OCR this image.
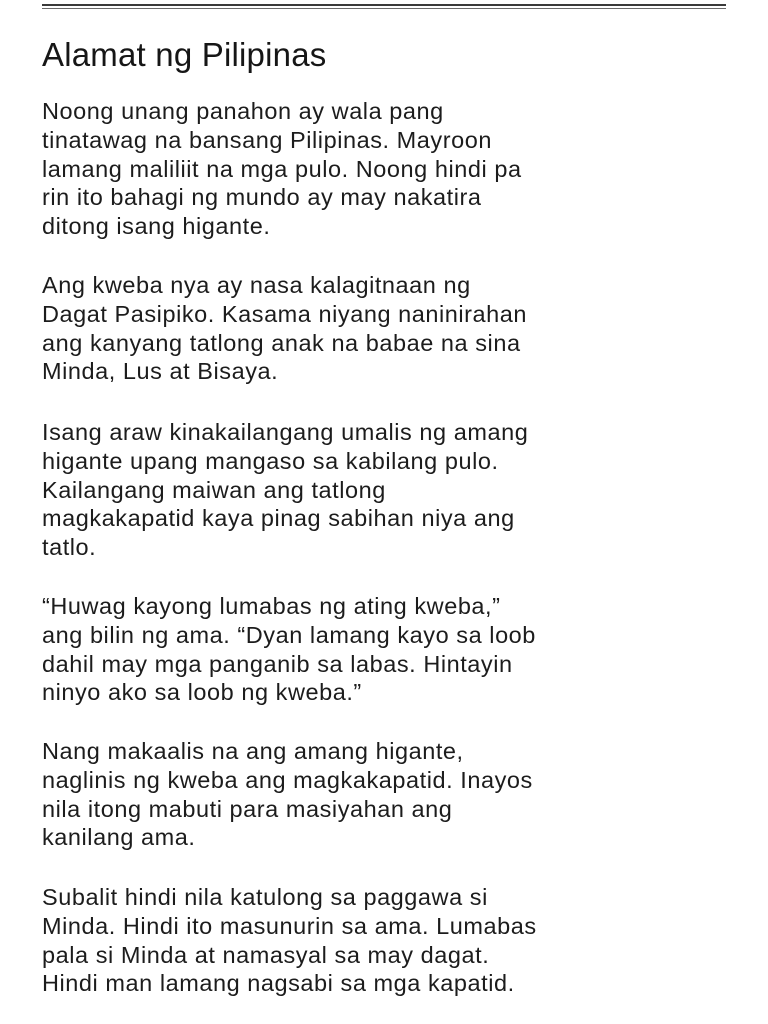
Alamat ng Pilipinas

Noong unang panahon ay wala pang
tinatawag na bansang Pilipinas. Mayroon
lamang maliliit na mga pulo. Noong hindi pa
rin ito bahagi ng mundo ay may nakatira
ditong isang higante.

Ang kweba nya ay nasa kalagitnaan ng
Dagat Pasipiko. Kasama niyang naninirahan
ang kanyang tatlong anak na babae na sina
Minda, Lus at Bisaya.

Isang araw kinakailangang umalis ng amang
higante upang mangaso sa kabilang pulo.
Kailangang maiwan ang tatlong
magkakapatid kaya pinag sabihan niya ang
tatlo.

“Huwag kayong lumabas ng ating kweba,”
ang bilin ng ama. “Dyan lamang kayo sa loob
dahil may mga panganib sa labas. Hintayin
ninyo ako sa loob ng kweba.”

Nang makaalis na ang amang higante,
naglinis ng kweba ang magkakapatid. Inayos
nila itong mabuti para masiyahan ang
kanilang ama.

Subalit hindi nila katulong sa paggawa si
Minda. Hindi ito masunurin sa ama. Lumabas
pala si Minda at namasyal sa may dagat.
Hindi man lamang nagsabi sa mga kapatid.
